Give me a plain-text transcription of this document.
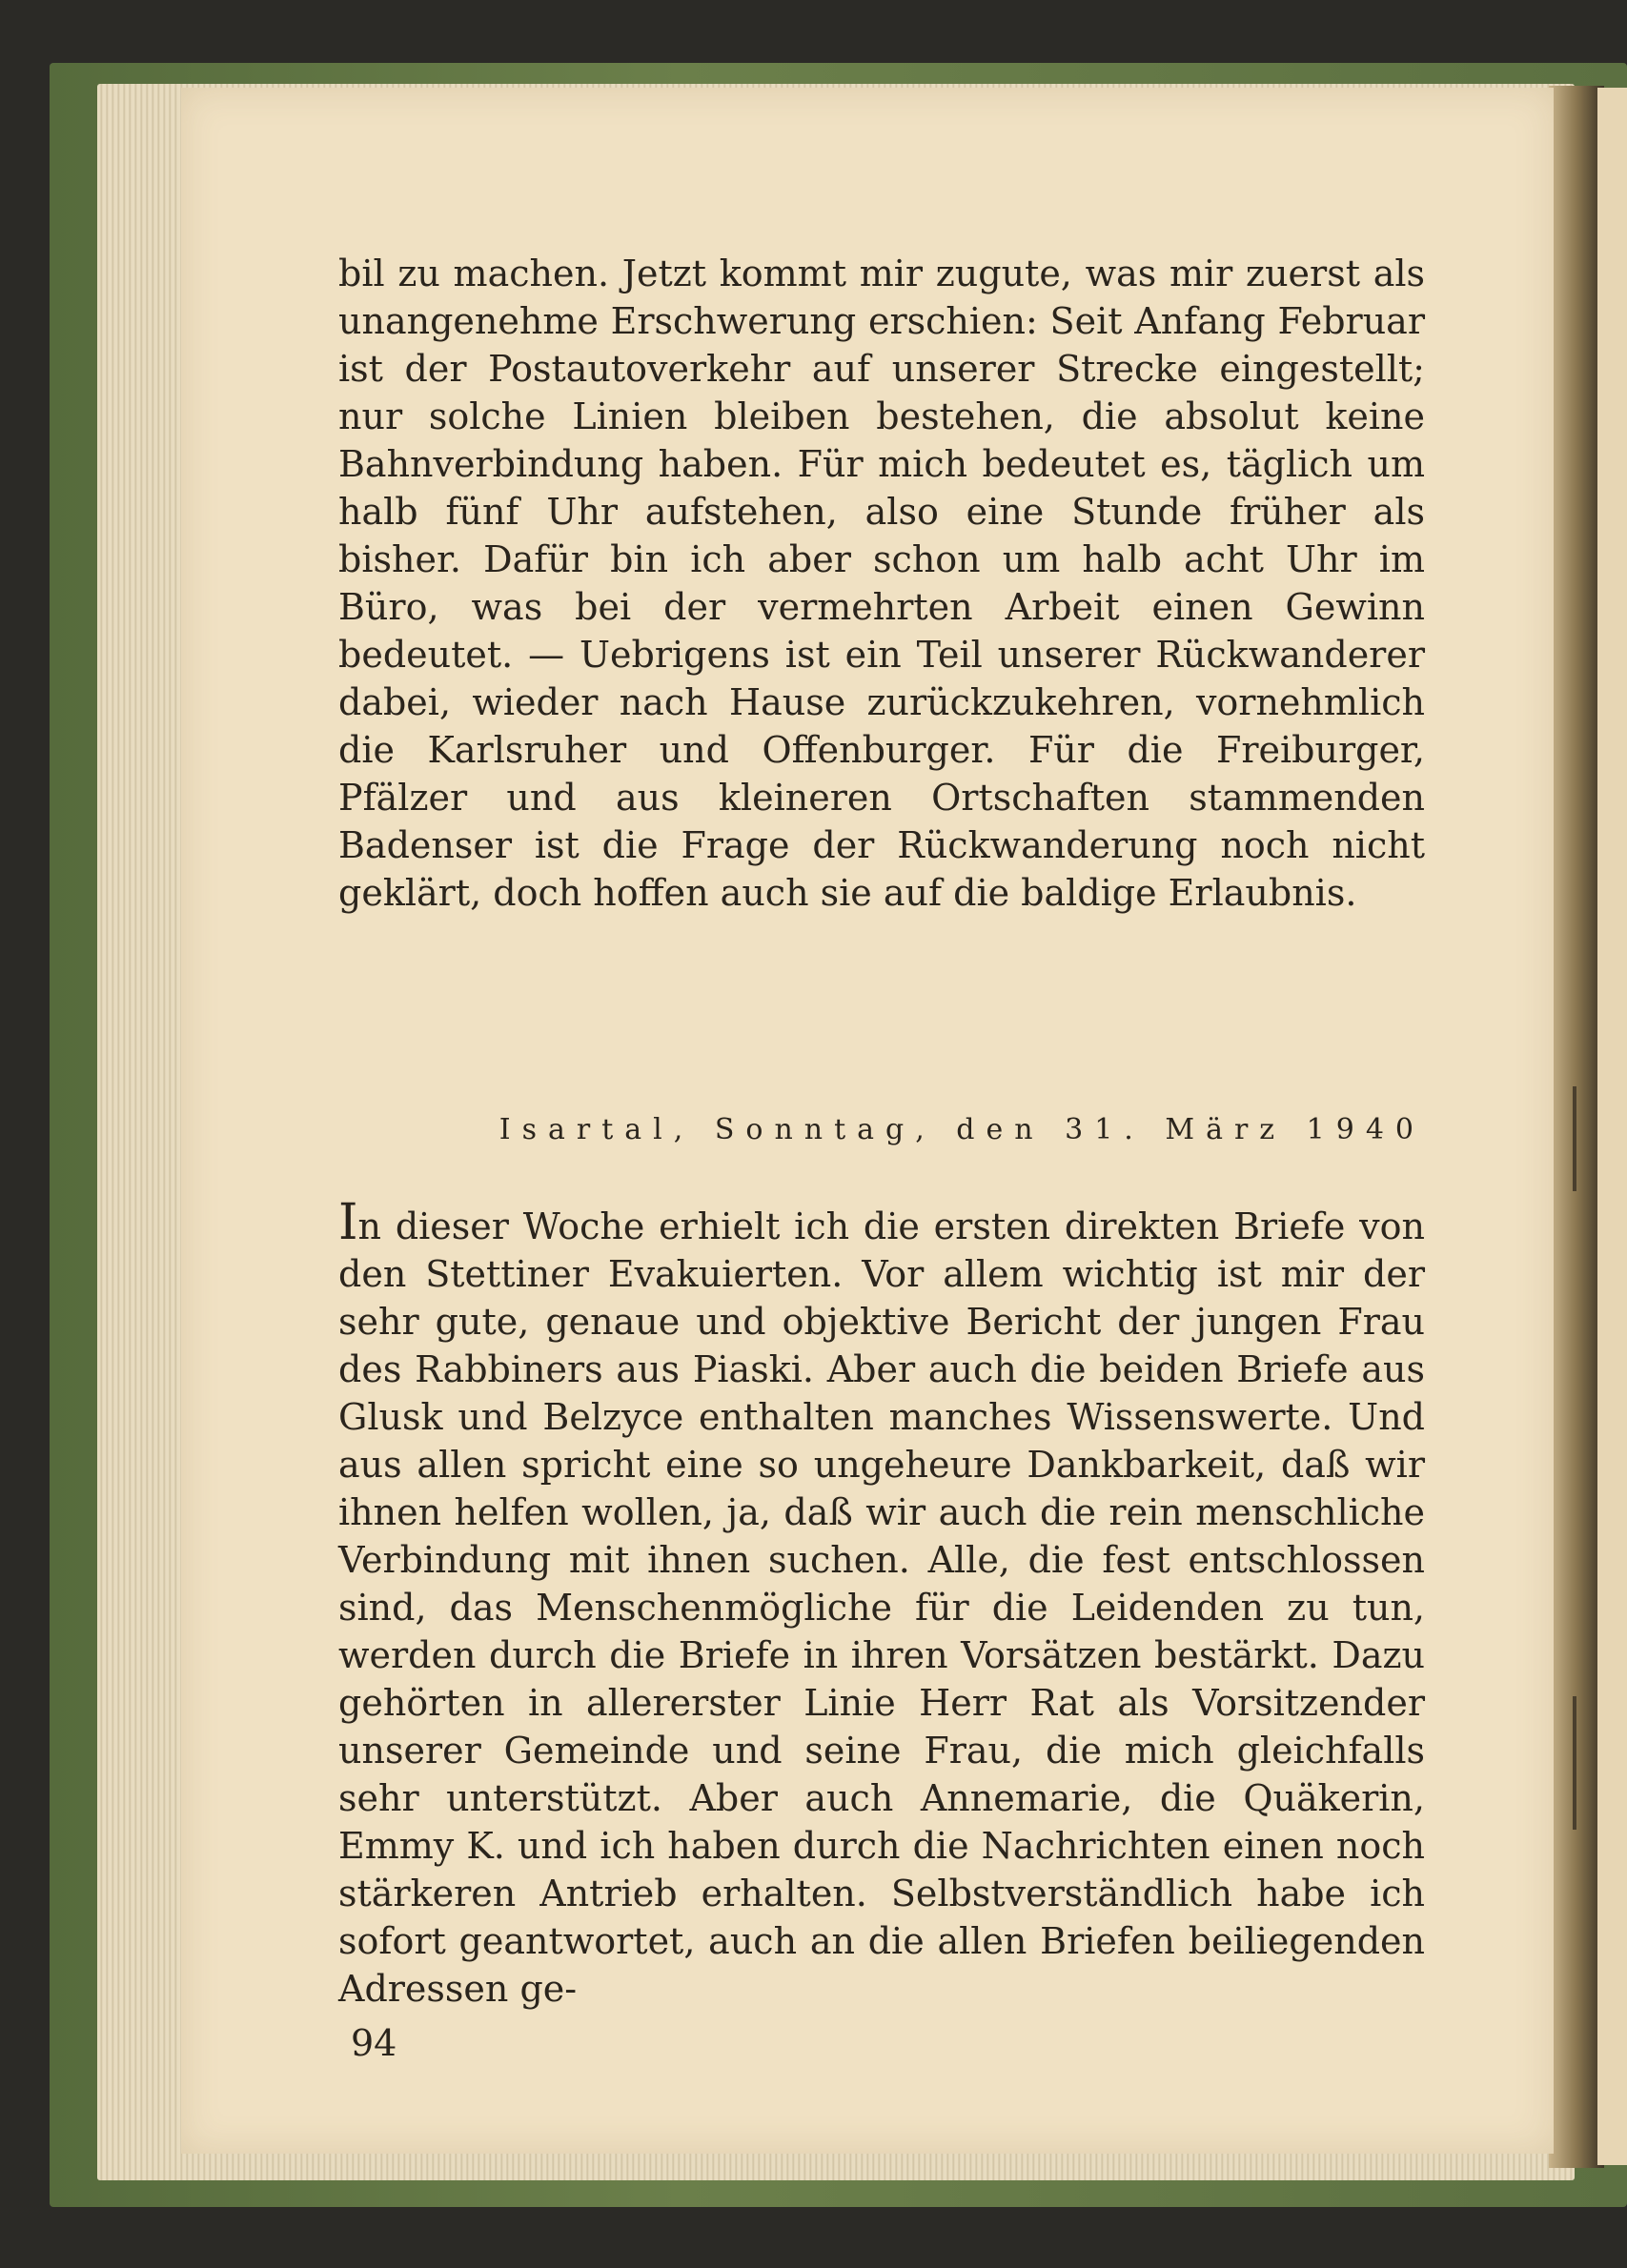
bil zu machen. Jetzt kommt mir zugute, was mir zuerst als unangenehme Erschwerung erschien: Seit Anfang Februar ist der Postautoverkehr auf unserer Strecke eingestellt; nur solche Linien bleiben bestehen, die absolut keine Bahnverbindung haben. Für mich bedeutet es, täglich um halb fünf Uhr aufstehen, also eine Stunde früher als bisher. Dafür bin ich aber schon um halb acht Uhr im Büro, was bei der vermehrten Arbeit einen Gewinn bedeutet. — Uebrigens ist ein Teil unserer Rückwanderer dabei, wieder nach Hause zurückzukehren, vornehmlich die Karlsruher und Offenburger. Für die Freiburger, Pfälzer und aus kleineren Ortschaften stammenden Badenser ist die Frage der Rückwanderung noch nicht geklärt, doch hoffen auch sie auf die baldige Erlaubnis.

Isartal, Sonntag, den 31. März 1940

In dieser Woche erhielt ich die ersten direkten Briefe von den Stettiner Evakuierten. Vor allem wichtig ist mir der sehr gute, genaue und objektive Bericht der jungen Frau des Rabbiners aus Piaski. Aber auch die beiden Briefe aus Glusk und Belzyce enthalten manches Wissenswerte. Und aus allen spricht eine so ungeheure Dankbarkeit, daß wir ihnen helfen wollen, ja, daß wir auch die rein menschliche Verbindung mit ihnen suchen. Alle, die fest entschlossen sind, das Menschenmögliche für die Leidenden zu tun, werden durch die Briefe in ihren Vorsätzen bestärkt. Dazu gehörten in allererster Linie Herr Rat als Vorsitzender unserer Gemeinde und seine Frau, die mich gleichfalls sehr unterstützt. Aber auch Annemarie, die Quäkerin, Emmy K. und ich haben durch die Nachrichten einen noch stärkeren Antrieb erhalten. Selbstverständlich habe ich sofort geantwortet, auch an die allen Briefen beiliegenden Adressen ge-

94
